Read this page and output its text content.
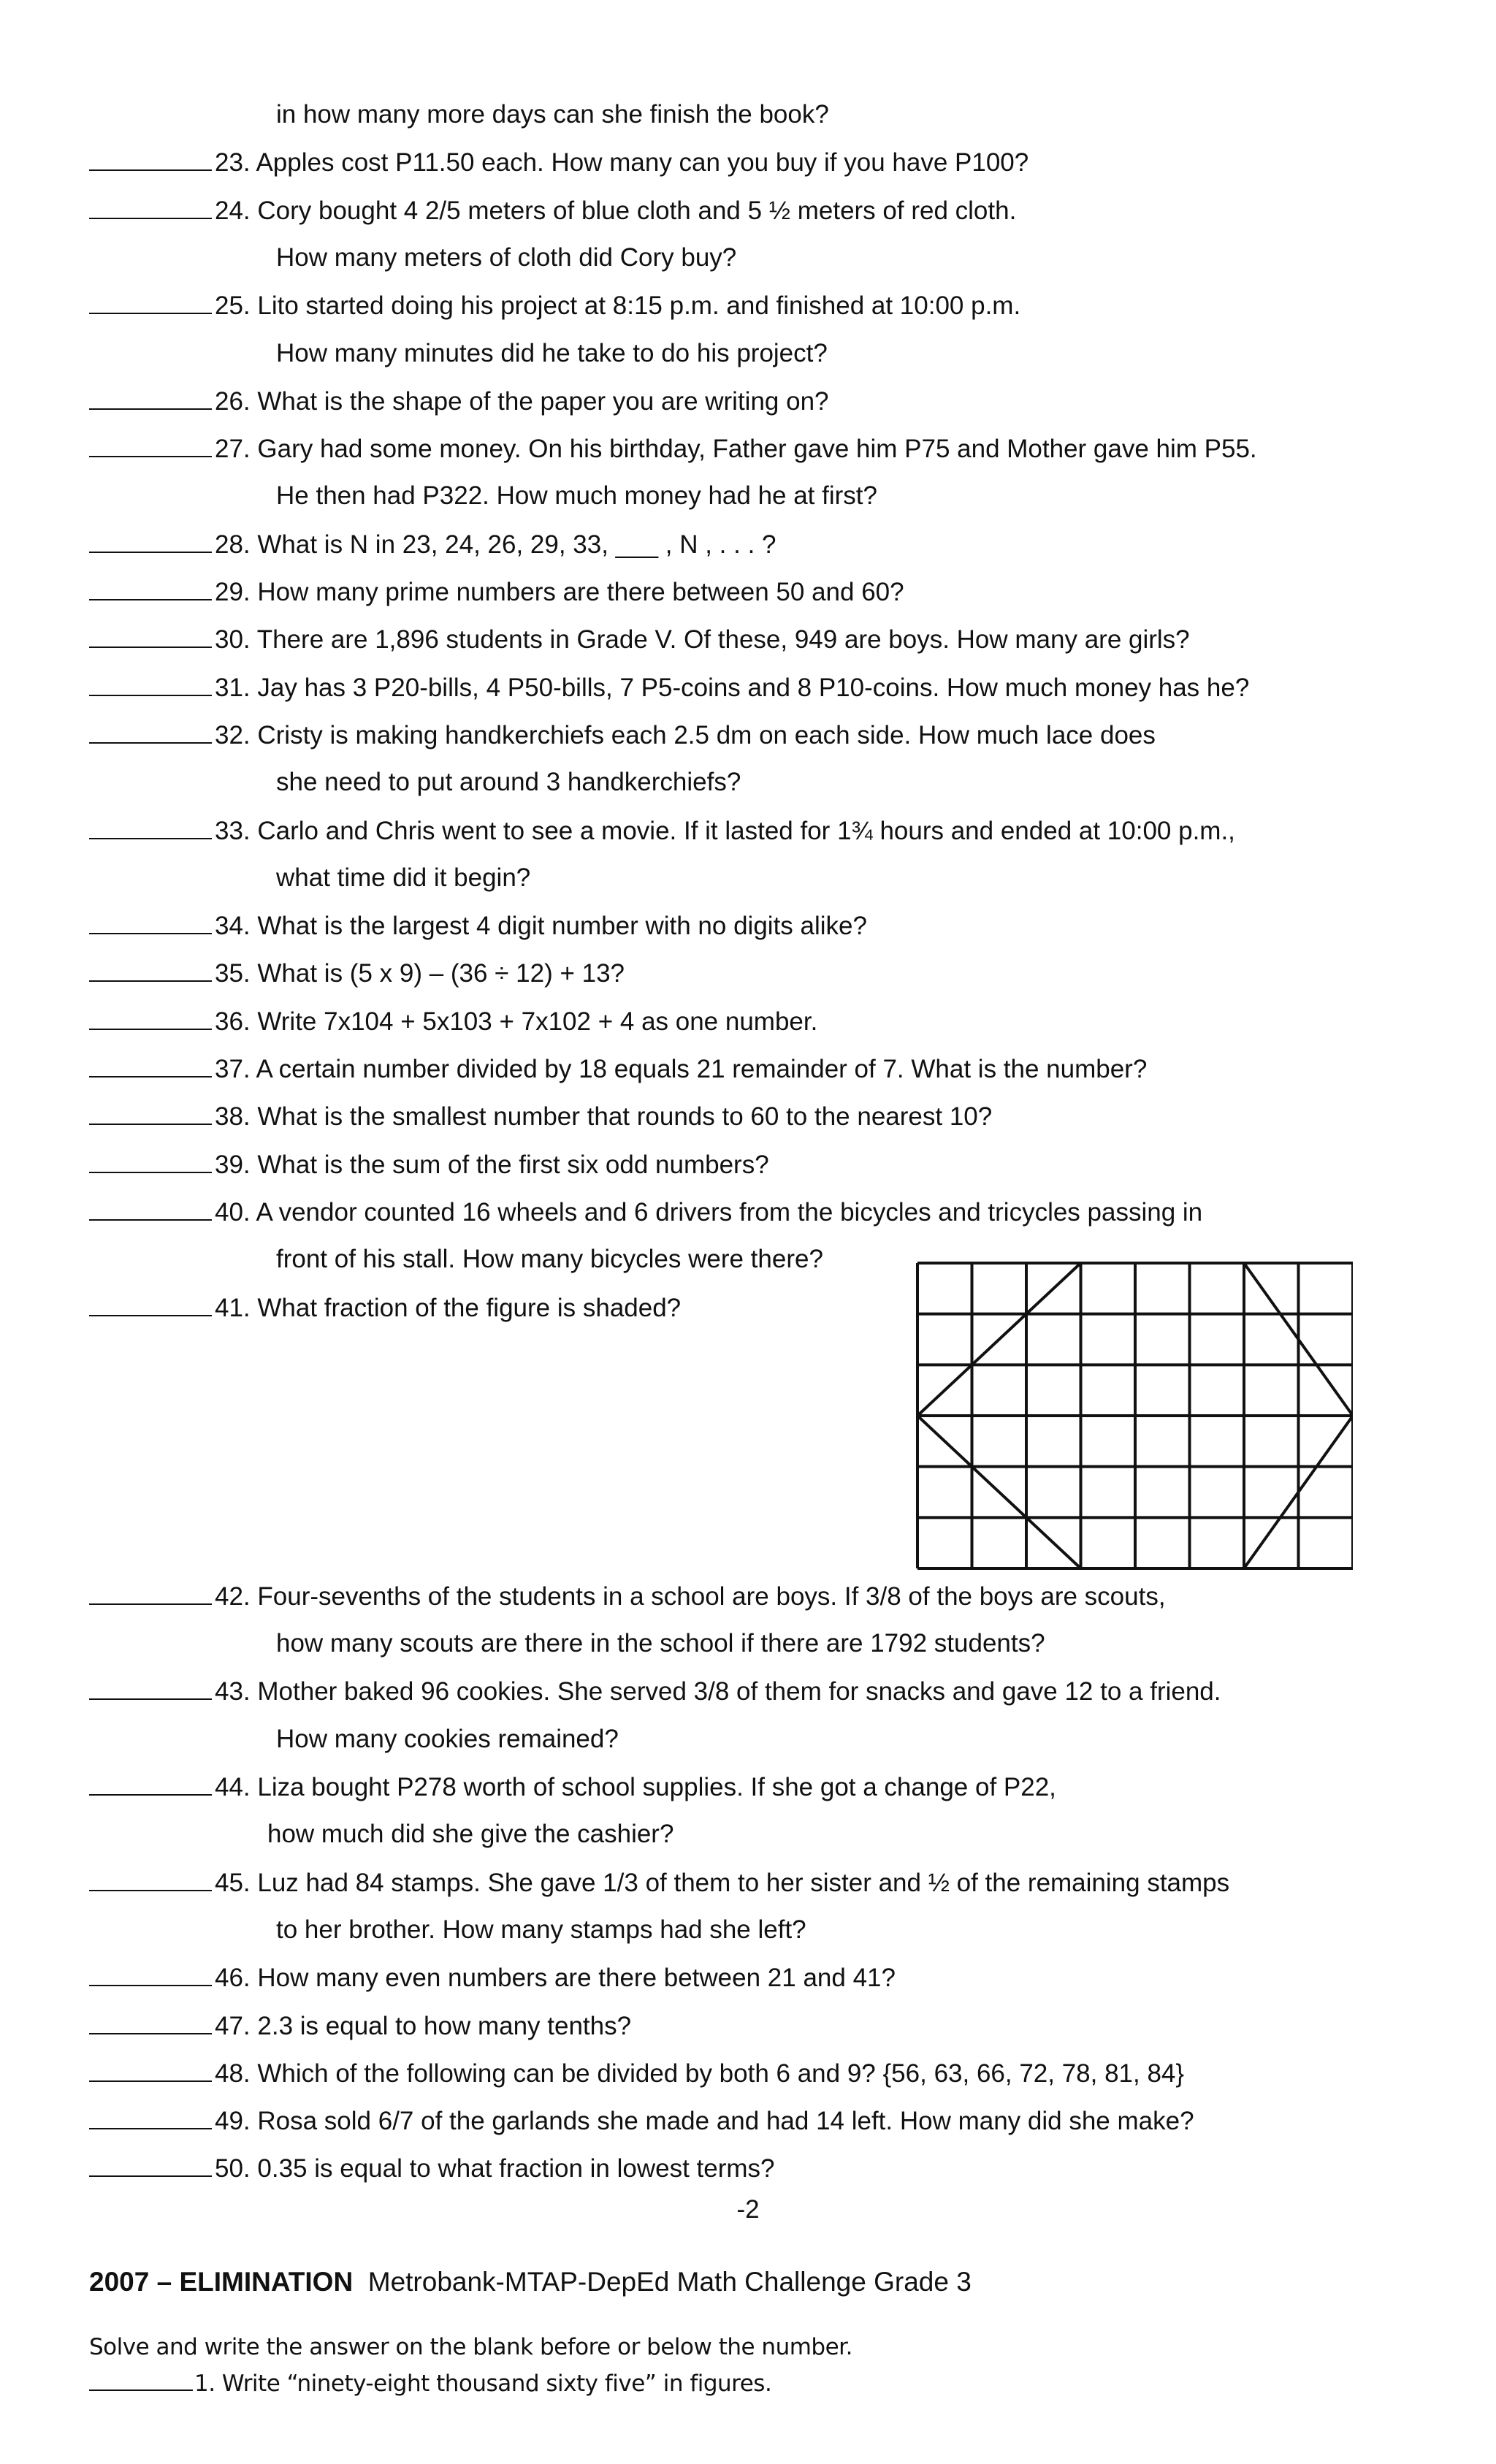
in how many more days can she finish the book?
23. Apples cost P11.50 each. How many can you buy if you have P100?
24. Cory bought 4 2/5 meters of blue cloth and 5 ½ meters of red cloth.
How many meters of cloth did Cory buy?
25. Lito started doing his project at 8:15 p.m. and finished at 10:00 p.m.
How many minutes did he take to do his project?
26. What is the shape of the paper you are writing on?
27. Gary had some money. On his birthday, Father gave him P75 and Mother gave him P55.
He then had P322. How much money had he at first?
28. What is N in 23, 24, 26, 29, 33, ___ , N , . . . ?
29. How many prime numbers are there between 50 and 60?
30. There are 1,896 students in Grade V. Of these, 949 are boys. How many are girls?
31. Jay has 3 P20-bills, 4 P50-bills, 7 P5-coins and 8 P10-coins. How much money has he?
32. Cristy is making handkerchiefs each 2.5 dm on each side. How much lace does
she need to put around 3 handkerchiefs?
33. Carlo and Chris went to see a movie. If it lasted for 1¾ hours and ended at 10:00 p.m.,
what time did it begin?
34. What is the largest 4 digit number with no digits alike?
35. What is (5 x 9) – (36 ÷ 12) + 13?
36. Write 7x104 + 5x103 + 7x102 + 4 as one number.
37. A certain number divided by 18 equals 21 remainder of 7. What is the number?
38. What is the smallest number that rounds to 60 to the nearest 10?
39. What is the sum of the first six odd numbers?
40. A vendor counted 16 wheels and 6 drivers from the bicycles and tricycles passing in
front of his stall. How many bicycles were there?
41. What fraction of the figure is shaded?
42. Four-sevenths of the students in a school are boys. If 3/8 of the boys are scouts,
how many scouts are there in the school if there are 1792 students?
43. Mother baked 96 cookies. She served 3/8 of them for snacks and gave 12 to a friend.
How many cookies remained?
44. Liza bought P278 worth of school supplies. If she got a change of P22,
how much did she give the cashier?
45. Luz had 84 stamps. She gave 1/3 of them to her sister and ½ of the remaining stamps
to her brother. How many stamps had she left?
46. How many even numbers are there between 21 and 41?
47. 2.3 is equal to how many tenths?
48. Which of the following can be divided by both 6 and 9? {56, 63, 66, 72, 78, 81, 84}
49. Rosa sold 6/7 of the garlands she made and had 14 left. How many did she make?
50. 0.35 is equal to what fraction in lowest terms?
-2
2007 – ELIMINATION Metrobank-MTAP-DepEd Math Challenge Grade 3
Solve and write the answer on the blank before or below the number.
1. Write “ninety-eight thousand sixty five” in figures.
